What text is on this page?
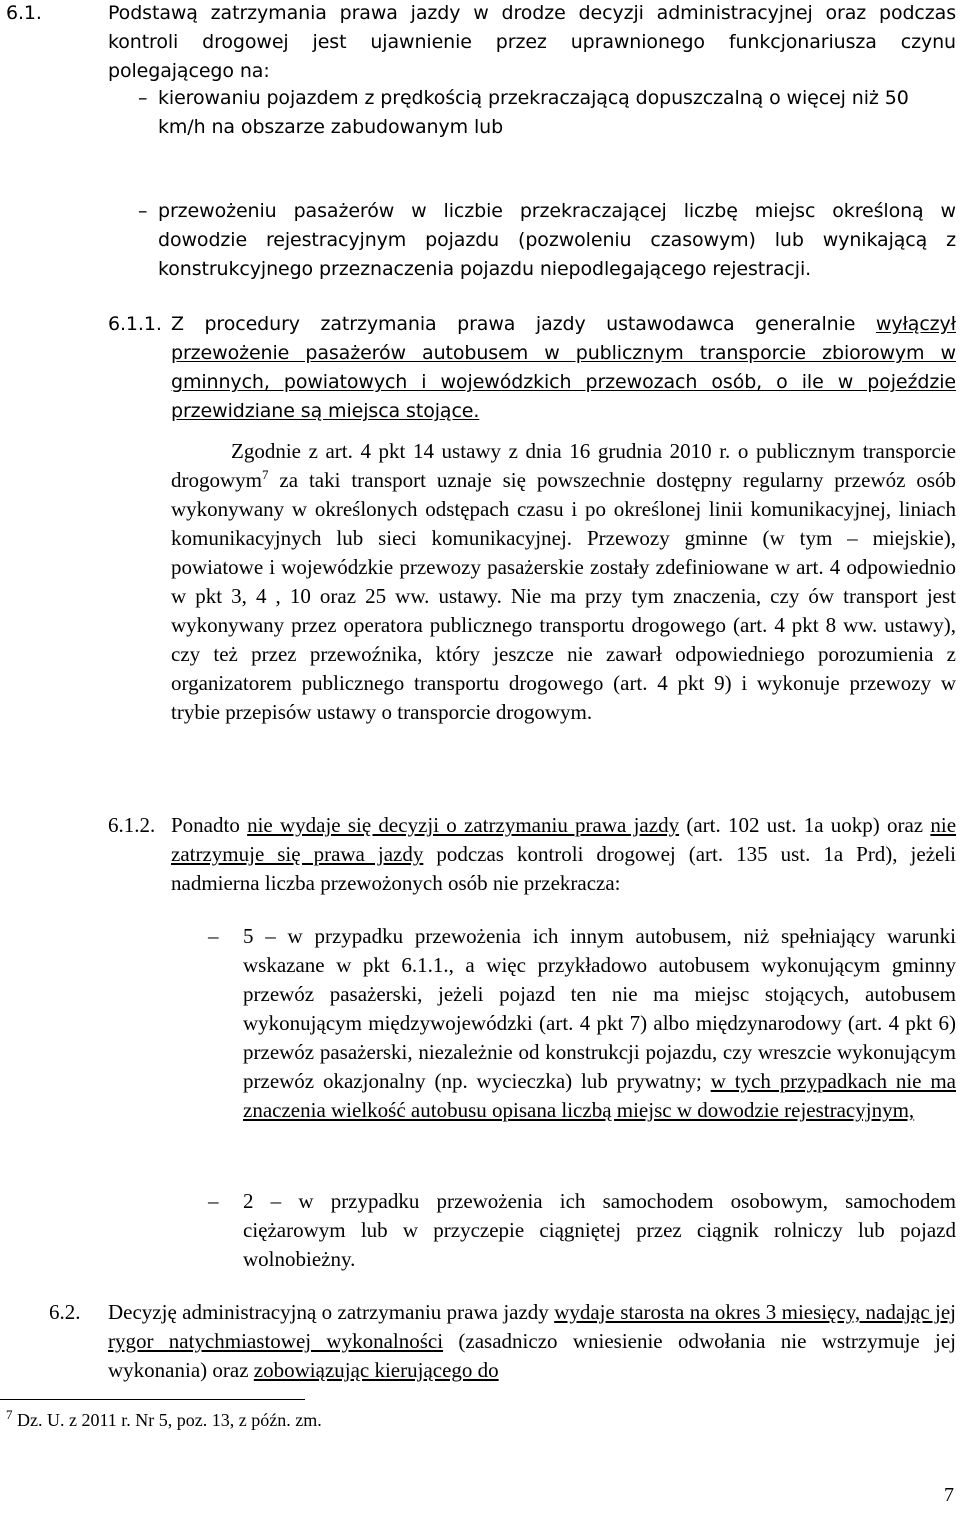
6.1.	Podstawą zatrzymania prawa jazdy w drodze decyzji administracyjnej oraz podczas kontroli drogowej jest ujawnienie przez uprawnionego funkcjonariusza czynu polegającego na:
– kierowaniu pojazdem z prędkością przekraczającą dopuszczalną o więcej niż 50 km/h na obszarze zabudowanym lub
– przewożeniu pasażerów w liczbie przekraczającej liczbę miejsc określoną w dowodzie rejestracyjnym pojazdu (pozwoleniu czasowym) lub wynikającą z konstrukcyjnego przeznaczenia pojazdu niepodlegającego rejestracji.
6.1.1. Z procedury zatrzymania prawa jazdy ustawodawca generalnie wyłączył przewożenie pasażerów autobusem w publicznym transporcie zbiorowym w gminnych, powiatowych i wojewódzkich przewozach osób, o ile w pojeździe przewidziane są miejsca stojące.
Zgodnie z art. 4 pkt 14 ustawy z dnia 16 grudnia 2010 r. o publicznym transporcie drogowym$^7$ za taki transport uznaje się powszechnie dostępny regularny przewóz osób wykonywany w określonych odstępach czasu i po określonej linii komunikacyjnej, liniach komunikacyjnych lub sieci komunikacyjnej. Przewozy gminne (w tym – miejskie), powiatowe i wojewódzkie przewozy pasażerskie zostały zdefiniowane w art. 4 odpowiednio w pkt 3, 4 , 10 oraz 25 ww. ustawy. Nie ma przy tym znaczenia, czy ów transport jest wykonywany przez operatora publicznego transportu drogowego (art. 4 pkt 8 ww. ustawy), czy też przez przewoźnika, który jeszcze nie zawarł odpowiedniego porozumienia z organizatorem publicznego transportu drogowego (art. 4 pkt 9) i wykonuje przewozy w trybie przepisów ustawy o transporcie drogowym.
6.1.2. Ponadto nie wydaje się decyzji o zatrzymaniu prawa jazdy (art. 102 ust. 1a uokp) oraz nie zatrzymuje się prawa jazdy podczas kontroli drogowej (art. 135 ust. 1a Prd), jeżeli nadmierna liczba przewożonych osób nie przekracza:
– 5 – w przypadku przewożenia ich innym autobusem, niż spełniający warunki wskazane w pkt 6.1.1., a więc przykładowo autobusem wykonującym gminny przewóz pasażerski, jeżeli pojazd ten nie ma miejsc stojących, autobusem wykonującym międzywojewódzki (art. 4 pkt 7) albo międzynarodowy (art. 4 pkt 6) przewóz pasażerski, niezależnie od konstrukcji pojazdu, czy wreszcie wykonującym przewóz okazjonalny (np. wycieczka) lub prywatny; w tych przypadkach nie ma znaczenia wielkość autobusu opisana liczbą miejsc w dowodzie rejestracyjnym,
– 2 – w przypadku przewożenia ich samochodem osobowym, samochodem ciężarowym lub w przyczepie ciągniętej przez ciągnik rolniczy lub pojazd wolnobieżny.
6.2. Decyzję administracyjną o zatrzymaniu prawa jazdy wydaje starosta na okres 3 miesięcy, nadając jej rygor natychmiastowej wykonalności (zasadniczo wniesienie odwołania nie wstrzymuje jej wykonania) oraz zobowiązując kierującego do
$^7$ Dz. U. z 2011 r. Nr 5, poz. 13, z późn. zm.
7
